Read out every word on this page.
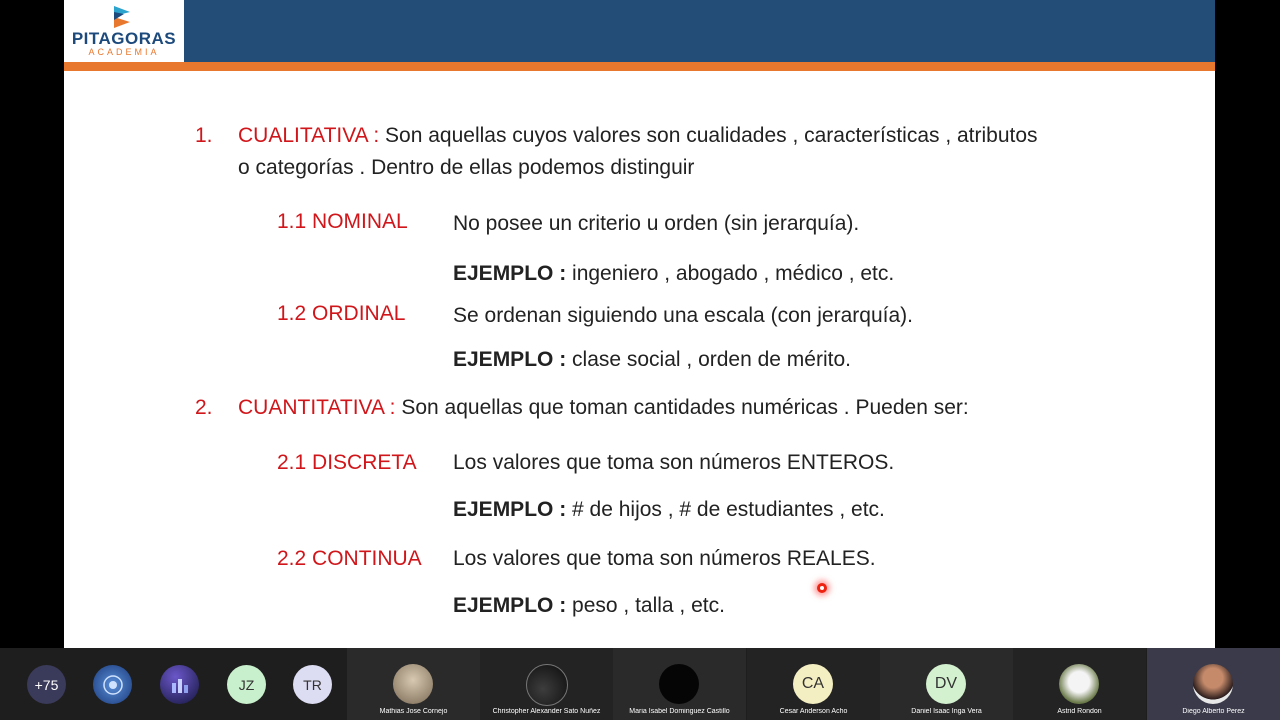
PITAGORAS
ACADEMIA
1. CUALITATIVA : Son aquellas cuyos valores son cualidades , características , atributos
o categorías . Dentro de ellas podemos distinguir
1.1 NOMINAL No posee un criterio u orden (sin jerarquía).
EJEMPLO : ingeniero , abogado , médico , etc.
1.2 ORDINAL Se ordenan siguiendo una escala (con jerarquía).
EJEMPLO : clase social , orden de mérito.
2. CUANTITATIVA : Son aquellas que toman cantidades numéricas . Pueden ser:
2.1 DISCRETA Los valores que toma son números ENTEROS.
EJEMPLO : # de hijos , # de estudiantes , etc.
2.2 CONTINUA Los valores que toma son números REALES.
EJEMPLO : peso , talla , etc.
+75	JZ	TR
Mathias Jose Cornejo	Christopher Alexander Sato Nuñez	Maria Isabel Dominguez Castillo
CA
Cesar Anderson Acho
DV
Daniel Isaac Inga Vera	Astrid Rondon	Diego Alberto Perez
